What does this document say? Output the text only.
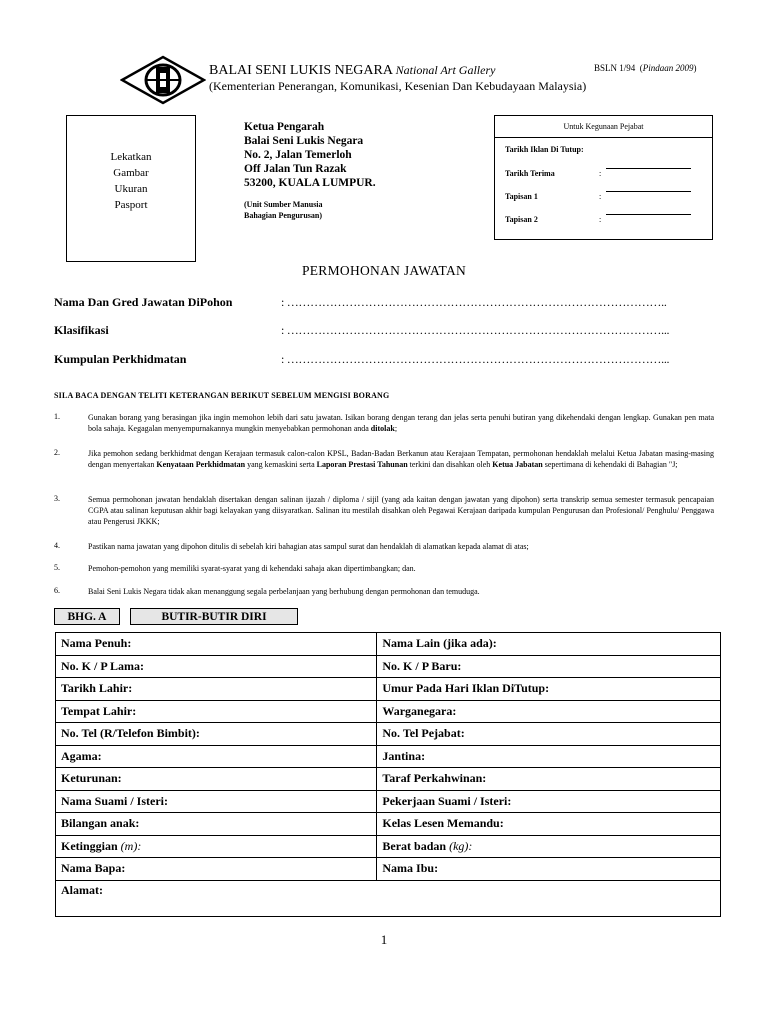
BALAI SENI LUKIS NEGARA National Art Gallery
(Kementerian Penerangan, Komunikasi, Kesenian Dan Kebudayaan Malaysia)
BSLN 1/94  (Pindaan 2009)
Lekatkan
Gambar
Ukuran
Pasport
Ketua Pengarah
Balai Seni Lukis Negara
No. 2, Jalan Temerloh
Off Jalan Tun Razak
53200, KUALA LUMPUR.
(Unit Sumber Manusia
Bahagian Pengurusan)
Untuk Kegunaan Pejabat
Tarikh Iklan Di Tutup:
Tarikh Terima	:
Tapisan 1	:
Tapisan 2	:
PERMOHONAN JAWATAN
Nama Dan Gred Jawatan DiPohon	: ……………………………………………………………………………………..
Klasifikasi	: ……………………………………………………………………………………...
Kumpulan Perkhidmatan	: ……………………………………………………………………………………...
SILA BACA DENGAN TELITI KETERANGAN BERIKUT SEBELUM MENGISI BORANG
1.	Gunakan borang yang berasingan jika ingin memohon lebih dari satu jawatan. Isikan borang dengan terang dan jelas serta penuhi butiran yang dikehendaki dengan lengkap. Gunakan pen mata bola sahaja. Kegagalan menyempurnakannya mungkin menyebabkan permohonan anda ditolak;
2.	Jika pemohon sedang berkhidmat dengan Kerajaan termasuk calon-calon KPSL, Badan-Badan Berkanun atau Kerajaan Tempatan, permohonan hendaklah melalui Ketua Jabatan masing-masing dengan menyertakan Kenyataan Perkhidmatan yang kemaskini serta Laporan Prestasi Tahunan terkini dan disahkan oleh Ketua Jabatan sepertimana di kehendaki di Bahagian "J;
3.	Semua permohonan jawatan hendaklah disertakan dengan salinan ijazah / diploma / sijil (yang ada kaitan dengan jawatan yang dipohon) serta transkrip semua semester termasuk pencapaian CGPA atau salinan keputusan akhir bagi kelayakan yang diisyaratkan. Salinan itu mestilah disahkan oleh Pegawai Kerajaan daripada kumpulan Pengurusan dan Profesional/ Penghulu/ Penggawa atau Pengerusi JKKK;
4.	Pastikan nama jawatan yang dipohon ditulis di sebelah kiri bahagian atas sampul surat dan hendaklah di alamatkan kepada alamat di atas;
5.	Pemohon-pemohon yang memiliki syarat-syarat yang di kehendaki sahaja akan dipertimbangkan; dan.
6.	Balai Seni Lukis Negara tidak akan menanggung segala perbelanjaan yang berhubung dengan permohonan dan temuduga.
BHG. A	BUTIR-BUTIR DIRI
Nama Penuh:	Nama Lain (jika ada):
No. K / P Lama:	No. K / P Baru:
Tarikh Lahir:	Umur Pada Hari Iklan DiTutup:
Tempat Lahir:	Warganegara:
No. Tel (R/Telefon Bimbit):	No. Tel Pejabat:
Agama:	Jantina:
Keturunan:	Taraf Perkahwinan:
Nama Suami / Isteri:	Pekerjaan Suami / Isteri:
Bilangan anak:	Kelas Lesen Memandu:
Ketinggian (m):	Berat badan (kg):
Nama Bapa:	Nama Ibu:
Alamat:	
1
